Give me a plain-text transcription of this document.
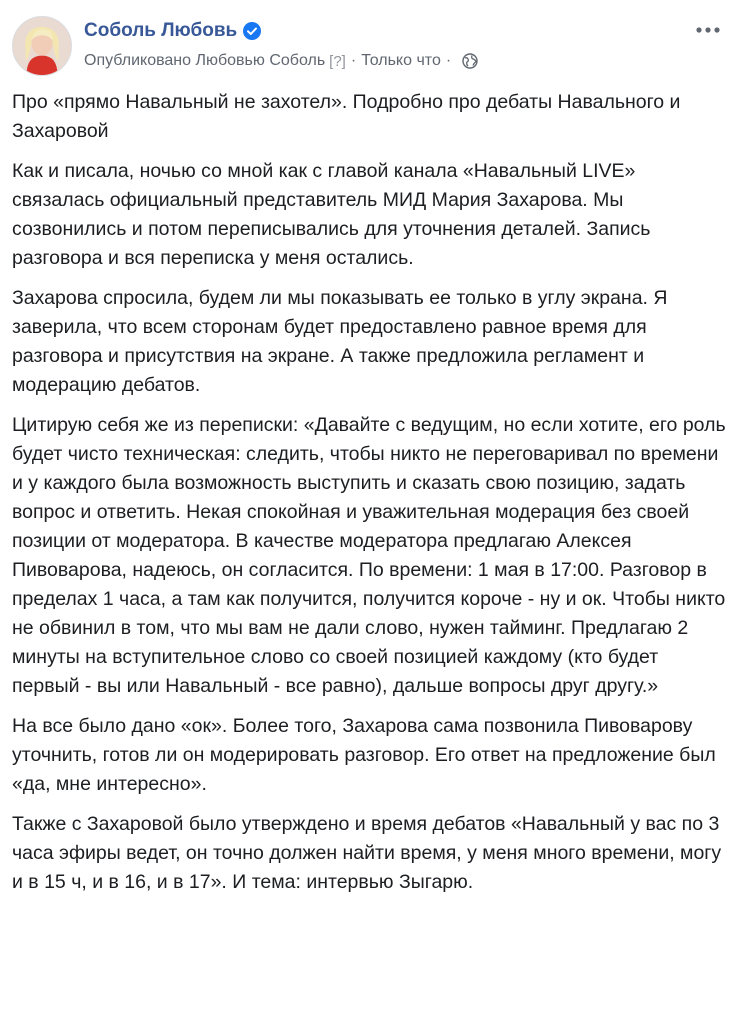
Соболь Любовь
Опубликовано Любовью Соболь [?] · Только что ·

Про «прямо Навальный не захотел». Подробно про дебаты Навального и Захаровой

Как и писала, ночью со мной как с главой канала «Навальный LIVE» связалась официальный представитель МИД Мария Захарова. Мы созвонились и потом переписывались для уточнения деталей. Запись разговора и вся переписка у меня остались.

Захарова спросила, будем ли мы показывать ее только в углу экрана. Я заверила, что всем сторонам будет предоставлено равное время для разговора и присутствия на экране. А также предложила регламент и модерацию дебатов.

Цитирую себя же из переписки: «Давайте с ведущим, но если хотите, его роль будет чисто техническая: следить, чтобы никто не переговаривал по времени и у каждого была возможность выступить и сказать свою позицию, задать вопрос и ответить. Некая спокойная и уважительная модерация без своей позиции от модератора. В качестве модератора предлагаю Алексея Пивоварова, надеюсь, он согласится. По времени: 1 мая в 17:00. Разговор в пределах 1 часа, а там как получится, получится короче - ну и ок. Чтобы никто не обвинил в том, что мы вам не дали слово, нужен тайминг. Предлагаю 2 минуты на вступительное слово со своей позицией каждому (кто будет первый - вы или Навальный - все равно), дальше вопросы друг другу.»

На все было дано «ок». Более того, Захарова сама позвонила Пивоварову уточнить, готов ли он модерировать разговор. Его ответ на предложение был «да, мне интересно».

Также с Захаровой было утверждено и время дебатов «Навальный у вас по 3 часа эфиры ведет, он точно должен найти время, у меня много времени, могу и в 15 ч, и в 16, и в 17». И тема: интервью Зыгарю.
